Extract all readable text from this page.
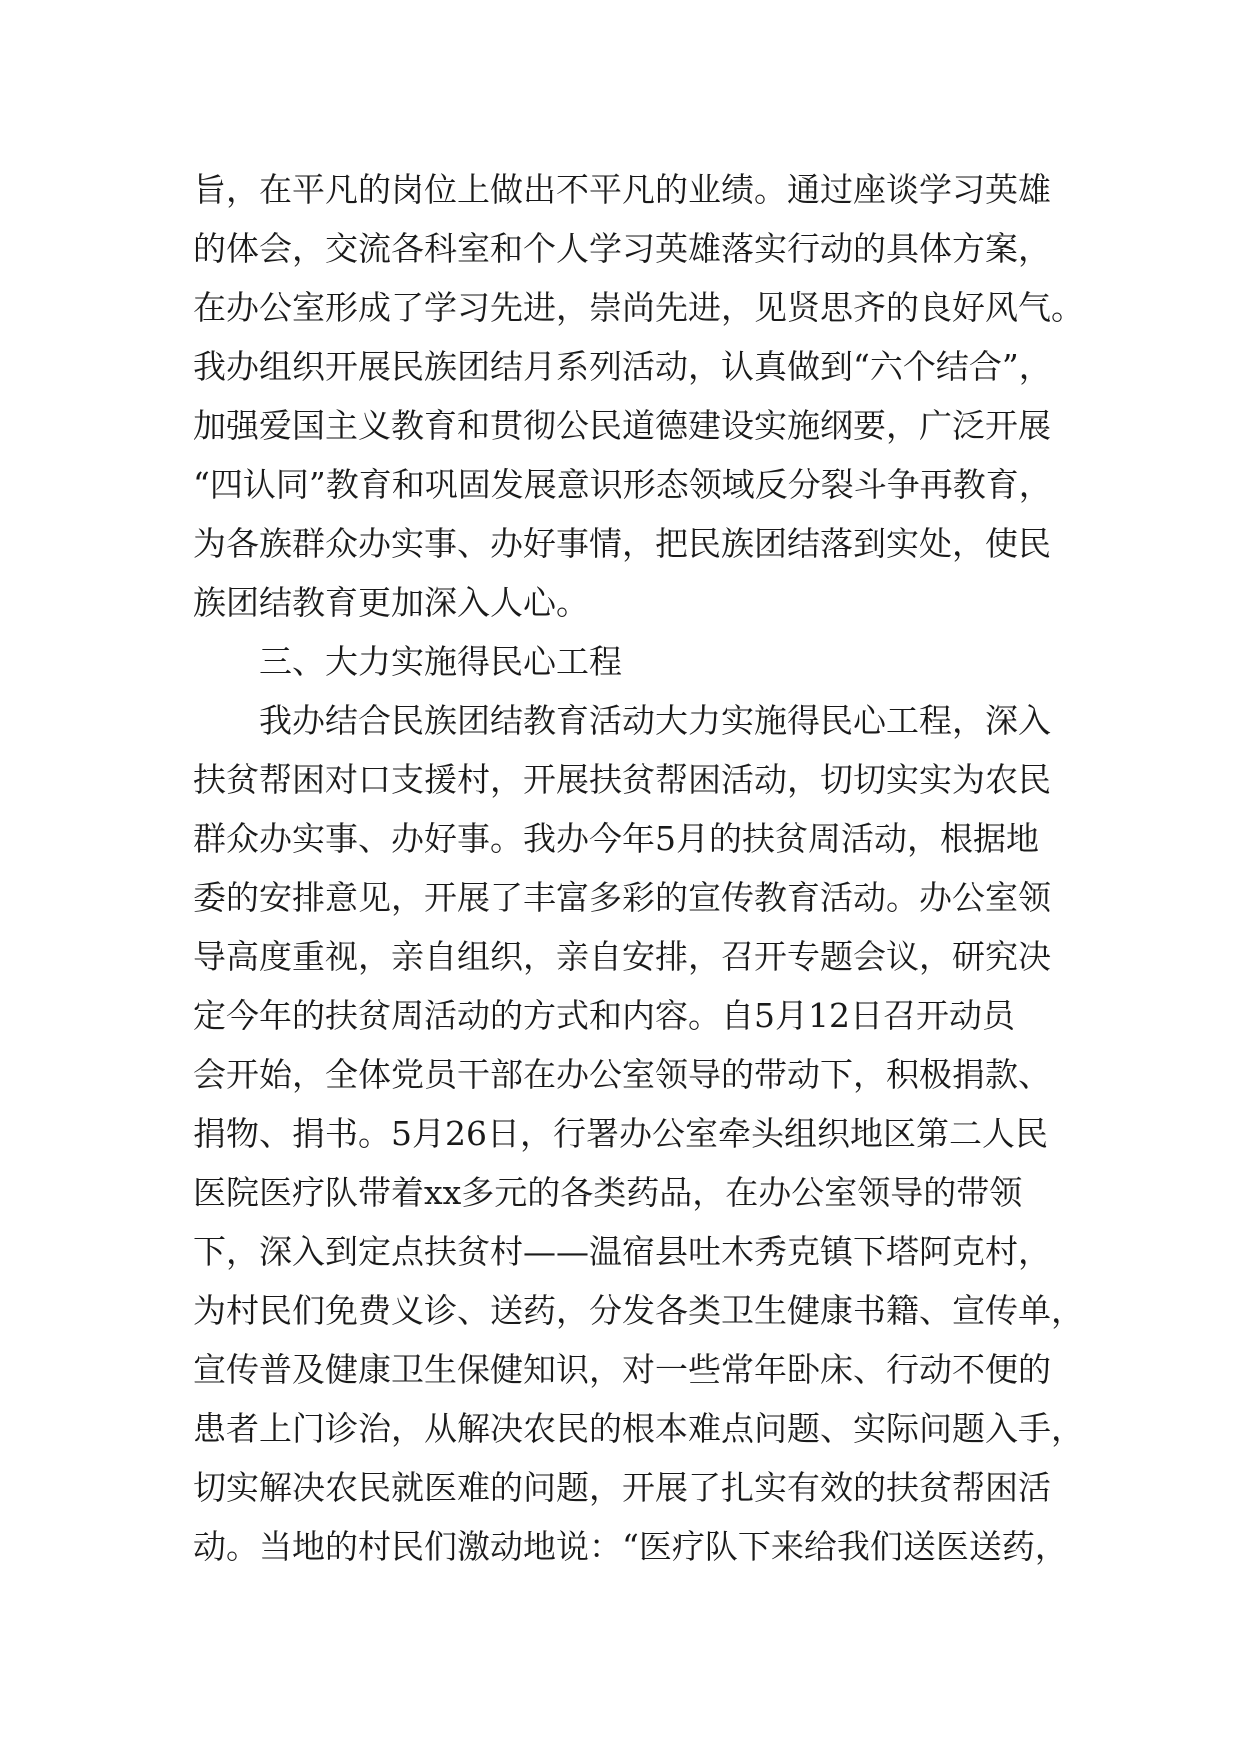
旨，在平凡的岗位上做出不平凡的业绩。通过座谈学习英雄
的体会，交流各科室和个人学习英雄落实行动的具体方案，
在办公室形成了学习先进，崇尚先进，见贤思齐的良好风气。
我办组织开展民族团结月系列活动，认真做到“六个结合”，
加强爱国主义教育和贯彻公民道德建设实施纲要，广泛开展
“四认同”教育和巩固发展意识形态领域反分裂斗争再教育，
为各族群众办实事、办好事情，把民族团结落到实处，使民
族团结教育更加深入人心。
三、大力实施得民心工程
我办结合民族团结教育活动大力实施得民心工程，深入
扶贫帮困对口支援村，开展扶贫帮困活动，切切实实为农民
群众办实事、办好事。我办今年5月的扶贫周活动，根据地
委的安排意见，开展了丰富多彩的宣传教育活动。办公室领
导高度重视，亲自组织，亲自安排，召开专题会议，研究决
定今年的扶贫周活动的方式和内容。自5月12日召开动员
会开始，全体党员干部在办公室领导的带动下，积极捐款、
捐物、捐书。5月26日，行署办公室牵头组织地区第二人民
医院医疗队带着xx多元的各类药品，在办公室领导的带领
下，深入到定点扶贫村——温宿县吐木秀克镇下塔阿克村，
为村民们免费义诊、送药，分发各类卫生健康书籍、宣传单，
宣传普及健康卫生保健知识，对一些常年卧床、行动不便的
患者上门诊治，从解决农民的根本难点问题、实际问题入手，
切实解决农民就医难的问题，开展了扎实有效的扶贫帮困活
动。当地的村民们激动地说：“医疗队下来给我们送医送药，
